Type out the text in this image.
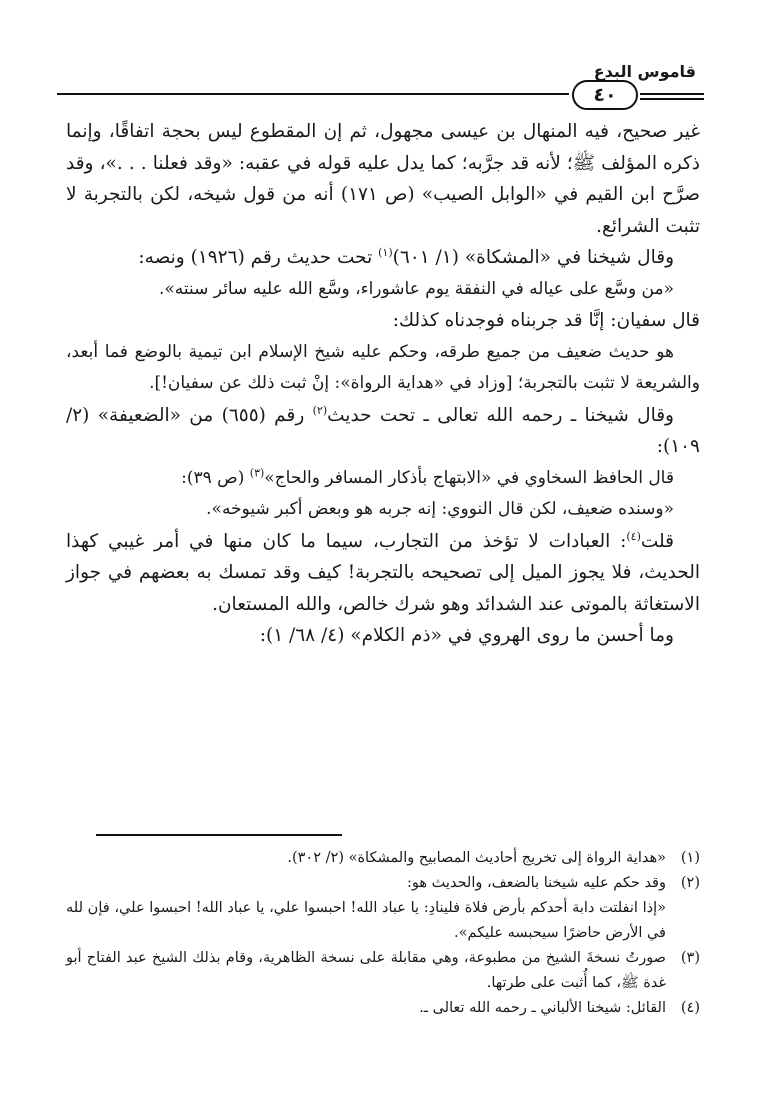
قاموس البدع
٤٠

غير صحيح، فيه المنهال بن عيسى مجهول، ثم إن المقطوع ليس بحجة اتفاقًا، وإنما ذكره المؤلف ﷺ؛ لأنه قد جرَّبه؛ كما يدل عليه قوله في عقبه: «وقد فعلنا . . .»، وقد صرَّح ابن القيم في «الوابل الصيب» (ص ١٧١) أنه من قول شيخه، لكن بالتجربة لا تثبت الشرائع.

وقال شيخنا في «المشكاة» (١/ ٦٠١)$^{(١)}$ تحت حديث رقم (١٩٢٦) ونصه:

«من وسَّع على عياله في النفقة يوم عاشوراء، وسَّع الله عليه سائر سنته».

قال سفيان: إنَّا قد جربناه فوجدناه كذلك:

هو حديث ضعيف من جميع طرقه، وحكم عليه شيخ الإسلام ابن تيمية بالوضع فما أبعد، والشريعة لا تثبت بالتجربة؛ [وزاد في «هداية الرواة»: إنْ ثبت ذلك عن سفيان!].

وقال شيخنا ـ رحمه الله تعالى ـ تحت حديث$^{(٢)}$ رقم (٦٥٥) من «الضعيفة» (٢/ ١٠٩):

قال الحافظ السخاوي في «الابتهاج بأذكار المسافر والحاج»$^{(٣)}$ (ص ٣٩):

«وسنده ضعيف، لكن قال النووي: إنه جربه هو وبعض أكبر شيوخه».

قلت$^{(٤)}$: العبادات لا تؤخذ من التجارب، سيما ما كان منها في أمر غيبي كهذا الحديث، فلا يجوز الميل إلى تصحيحه بالتجربة! كيف وقد تمسك به بعضهم في جواز الاستغاثة بالموتى عند الشدائد وهو شرك خالص، والله المستعان.

وما أحسن ما روى الهروي في «ذم الكلام» (٤/ ٦٨/ ١):

(١)
«هداية الرواة إلى تخريج أحاديث المصابيح والمشكاة» (٢/ ٣٠٢).
(٢)
وقد حكم عليه شيخنا بالضعف، والحديث هو:
«إذا انفلتت دابة أحدكم بأرض فلاة فلينادِ: يا عباد الله! احبسوا علي، يا عباد الله! احبسوا علي، فإن لله في الأرض حاضرًا سيحبسه عليكم».
(٣)
صورتُ نسخةَ الشيخ من مطبوعة، وهي مقابلة على نسخة الظاهرية، وقام بذلك الشيخ عبد الفتاح أبو غدة ﷺ، كما أُثبت على طرتها.
(٤)
القائل: شيخنا الألباني ـ رحمه الله تعالى ـ.
